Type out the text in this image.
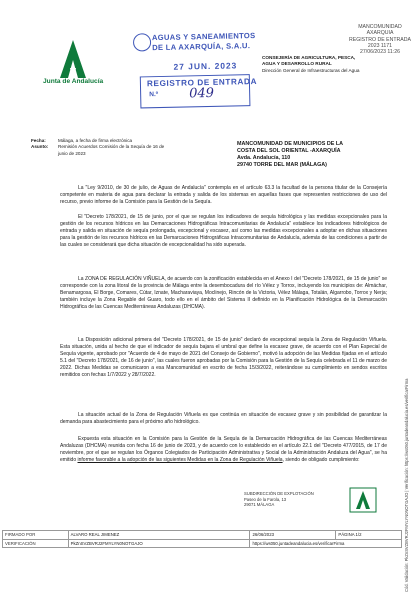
Junta de Andalucía
AGUAS Y SANEAMIENTOS
DE LA AXARQUÍA, S.A.U.
27 JUN. 2023
REGISTRO DE ENTRADA
N.º 049
MANCOMUNIDAD
AXARQUIA
REGISTRO DE ENTRADA
2023 1171
27/06/2023 11:26
CONSEJERÍA DE AGRICULTURA, PESCA,
AGUA Y DESARROLLO RURAL
Dirección General de Infraestructuras del Agua
Fecha:	Málaga, a fecha de firma electrónica
Asunto: Remisión Acuerdos Comisión de la Sequía de 16 de junio de 2023
MANCOMUNIDAD DE MUNICIPIOS DE LA
COSTA DEL SOL ORIENTAL -AXARQUÍA
Avda. Andalucía, 110
29740 TORRE DEL MAR (MÁLAGA)

La "Ley 9/2010, de 30 de julio, de Aguas de Andalucía" contempla en el artículo 63.3 la facultad de la persona titular de la Consejería competente en materia de agua para declarar la entrada y salida de los sistemas en aquellas fases que representen restricciones de uso del recurso, previo informe de la Comisión para la Gestión de la Sequía.

El "Decreto 178/2021, de 15 de junio, por el que se regulan los indicadores de sequía hidrológica y las medidas excepcionales para la gestión de los recursos hídricos en las Demarcaciones Hidrográficas Intracomunitarias de Andalucía" establece los indicadores hidrológicos de entrada y salida en situación de sequía prolongada, excepcional y escasez, así como las medidas excepcionales a adoptar en dichas situaciones para la gestión de los recursos hídricos en las Demarcaciones Hidrográficas Intracomunitarias de Andalucía, además de las condiciones a partir de las cuales se considerará que dicha situación de excepcionalidad ha sido superada.

La ZONA DE REGULACIÓN VIÑUELA, de acuerdo con la zonificación establecida en el Anexo I del "Decreto 178/2021, de 15 de junio" se corresponde con la zona litoral de la provincia de Málaga entre la desembocadura del río Vélez y Torrox, incluyendo los municipios de: Almáchar, Benamargosa, El Borge, Comares, Cútar, Iznate, Macharaviaya, Moclinejo, Rincón de la Victoria, Vélez Málaga, Totalán, Algarrobo, Torrox y Nerja; también incluye la Zona Regable del Guaro, todo ello en el ámbito del Sistema II definido en la Planificación Hidrológica de la Demarcación Hidrográfica de las Cuencas Mediterráneas Andaluzas (DHCMA).

La Disposición adicional primera del "Decreto 178/2021, de 15 de junio" declaró de excepcional sequía la Zona de Regulación Viñuela. Esta situación, unida al hecho de que el indicador de sequía bajara el umbral que define la escasez grave, de acuerdo con el Plan Especial de Sequía vigente, aprobado por "Acuerdo de 4 de mayo de 2021 del Consejo de Gobierno", motivó la adopción de las Medidas fijadas en el artículo 5.1 del "Decreto 178/2021, de 16 de junio", las cuales fueron aprobadas por la Comisión para la Gestión de la Sequía celebrada el 11 de marzo de 2022. Dichas Medidas se comunicaron a esa Mancomunidad en escrito de fecha 15/3/2022, reiterándose su cumplimiento en sendos escritos remitidos con fechas 1/7/2022 y 28/7/2022.

La situación actual de la Zona de Regulación Viñuela es que continúa en situación de escasez grave y sin posibilidad de garantizar la demanda para abastecimiento para el próximo año hidrológico.

Expuesta esta situación en la Comisión para la Gestión de la Sequía de la Demarcación Hidrográfica de las Cuencas Mediterráneas Andaluzas (DHCMA) reunida con fecha 16 de junio de 2023, y de acuerdo con lo establecido en el artículo 22.1 del "Decreto 477/2015, de 17 de noviembre, por el que se regulan los Órganos Colegiados de Participación Administrativa y Social de la Administración Andaluza del Agua", se ha emitido informe favorable a la adopción de las siguientes Medidas en la Zona de Regulación Viñuela, siendo de obligado cumplimiento:

SUBDIRECCIÓN DE EXPLOTACIÓN
Paseo de la Farola, 13
29071 MÁLAGA	Cód. Validación: PkZnSVZBVRJ2FMYLYN0NOTGAJO | Verificación: https://ws050.juntadeandalucia.es/verificarFirma
FIRMADO POR	ALVARO REAL JIMENEZ	26/06/2023	PÁGINA 1/2
VERIFICACIÓN	PkZnSVZBVRJ2FMYLYN0NOTGAJO	https://ws050.juntadeandalucia.es/verificarFirma	
